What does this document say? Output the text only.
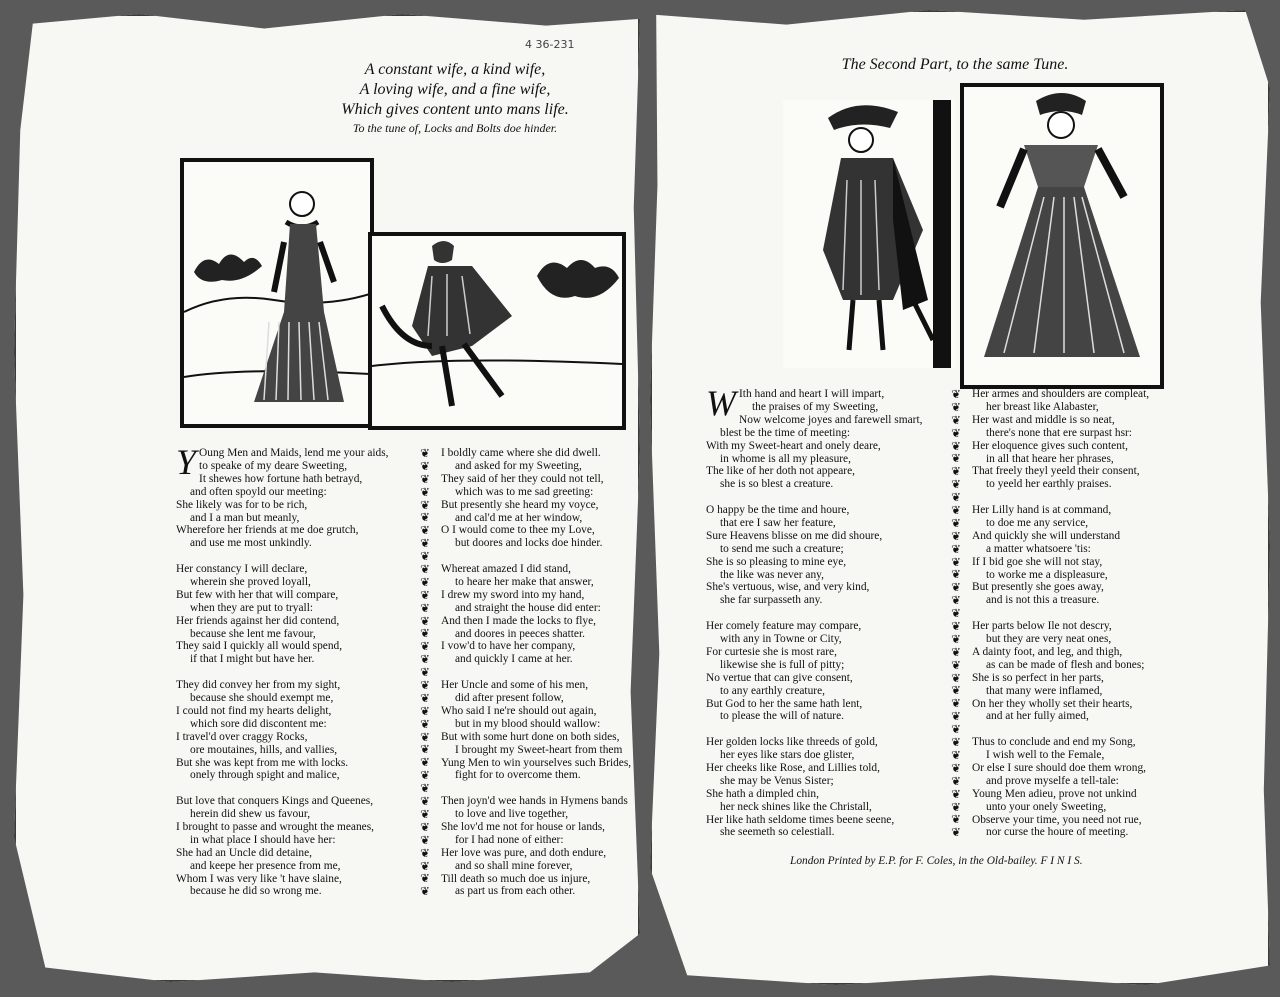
4 36-231
A constant wife, a kind wife,
A loving wife, and a fine wife,
Which gives content unto mans life.
To the tune of, Locks and Bolts doe hinder.
Y Oung Men and Maids, lend me your aids,
to speake of my deare Sweeting,
It shewes how fortune hath betrayd,
and often spoyld our meeting:
She likely was for to be rich,
and I a man but meanly,
Wherefore her friends at me doe grutch,
and use me most unkindly.
Her constancy I will declare,
wherein she proved loyall,
But few with her that will compare,
when they are put to tryall:
Her friends against her did contend,
because she lent me favour,
They said I quickly all would spend,
if that I might but have her.
They did convey her from my sight,
because she should exempt me,
I could not find my hearts delight,
which sore did discontent me:
I travel'd over craggy Rocks,
ore moutaines, hills, and vallies,
But she was kept from me with locks.
onely through spight and malice,
But love that conquers Kings and Queenes,
herein did shew us favour,
I brought to passe and wrought the meanes,
in what place I should have her:
She had an Uncle did detaine,
and keepe her presence from me,
Whom I was very like 't have slaine,
because he did so wrong me.
❦
❦
❦
❦
❦
❦
❦
❦
❦
❦
❦
❦
❦
❦
❦
❦
❦
❦
❦
❦
❦
❦
❦
❦
❦
❦
❦
❦
❦
❦
❦
❦
❦
❦
❦
I boldly came where she did dwell.
and asked for my Sweeting,
They said of her they could not tell,
which was to me sad greeting:
But presently she heard my voyce,
and cal'd me at her window,
O I would come to thee my Love,
but doores and locks doe hinder.
Whereat amazed I did stand,
to heare her make that answer,
I drew my sword into my hand,
and straight the house did enter:
And then I made the locks to flye,
and doores in peeces shatter.
I vow'd to have her company,
and quickly I came at her.
Her Uncle and some of his men,
did after present follow,
Who said I ne're should out again,
but in my blood should wallow:
But with some hurt done on both sides,
I brought my Sweet-heart from them
Yung Men to win yourselves such Brides,
fight for to overcome them.
Then joyn'd wee hands in Hymens bands
to love and live together,
She lov'd me not for house or lands,
for I had none of either:
Her love was pure, and doth endure,
and so shall mine forever,
Till death so much doe us injure,
as part us from each other.
The Second Part, to the same Tune.
W Ith hand and heart I will impart,
the praises of my Sweeting,
Now welcome joyes and farewell smart,
blest be the time of meeting:
With my Sweet-heart and onely deare,
in whome is all my pleasure,
The like of her doth not appeare,
she is so blest a creature.
O happy be the time and houre,
that ere I saw her feature,
Sure Heavens blisse on me did shoure,
to send me such a creature;
She is so pleasing to mine eye,
the like was never any,
She's vertuous, wise, and very kind,
she far surpasseth any.
Her comely feature may compare,
with any in Towne or City,
For curtesie she is most rare,
likewise she is full of pitty;
No vertue that can give consent,
to any earthly creature,
But God to her the same hath lent,
to please the will of nature.
Her golden locks like threeds of gold,
her eyes like stars doe glister,
Her cheeks like Rose, and Lillies told,
she may be Venus Sister;
She hath a dimpled chin,
her neck shines like the Christall,
Her like hath seldome times beene seene,
she seemeth so celestiall.
❦
❦
❦
❦
❦
❦
❦
❦
❦
❦
❦
❦
❦
❦
❦
❦
❦
❦
❦
❦
❦
❦
❦
❦
❦
❦
❦
❦
❦
❦
❦
❦
❦
❦
❦
Her armes and shoulders are compleat,
her breast like Alabaster,
Her wast and middle is so neat,
there's none that ere surpast hsr:
Her eloquence gives such content,
in all that heare her phrases,
That freely theyl yeeld their consent,
to yeeld her earthly praises.
Her Lilly hand is at command,
to doe me any service,
And quickly she will understand
a matter whatsoere 'tis:
If I bid goe she will not stay,
to worke me a displeasure,
But presently she goes away,
and is not this a treasure.
Her parts below Ile not descry,
but they are very neat ones,
A dainty foot, and leg, and thigh,
as can be made of flesh and bones;
She is so perfect in her parts,
that many were inflamed,
On her they wholly set their hearts,
and at her fully aimed,
Thus to conclude and end my Song,
I wish well to the Female,
Or else I sure should doe them wrong,
and prove myselfe a tell-tale:
Young Men adieu, prove not unkind
unto your onely Sweeting,
Observe your time, you need not rue,
nor curse the houre of meeting.
London Printed by E.P. for F. Coles, in the Old-bailey. F I N I S.
